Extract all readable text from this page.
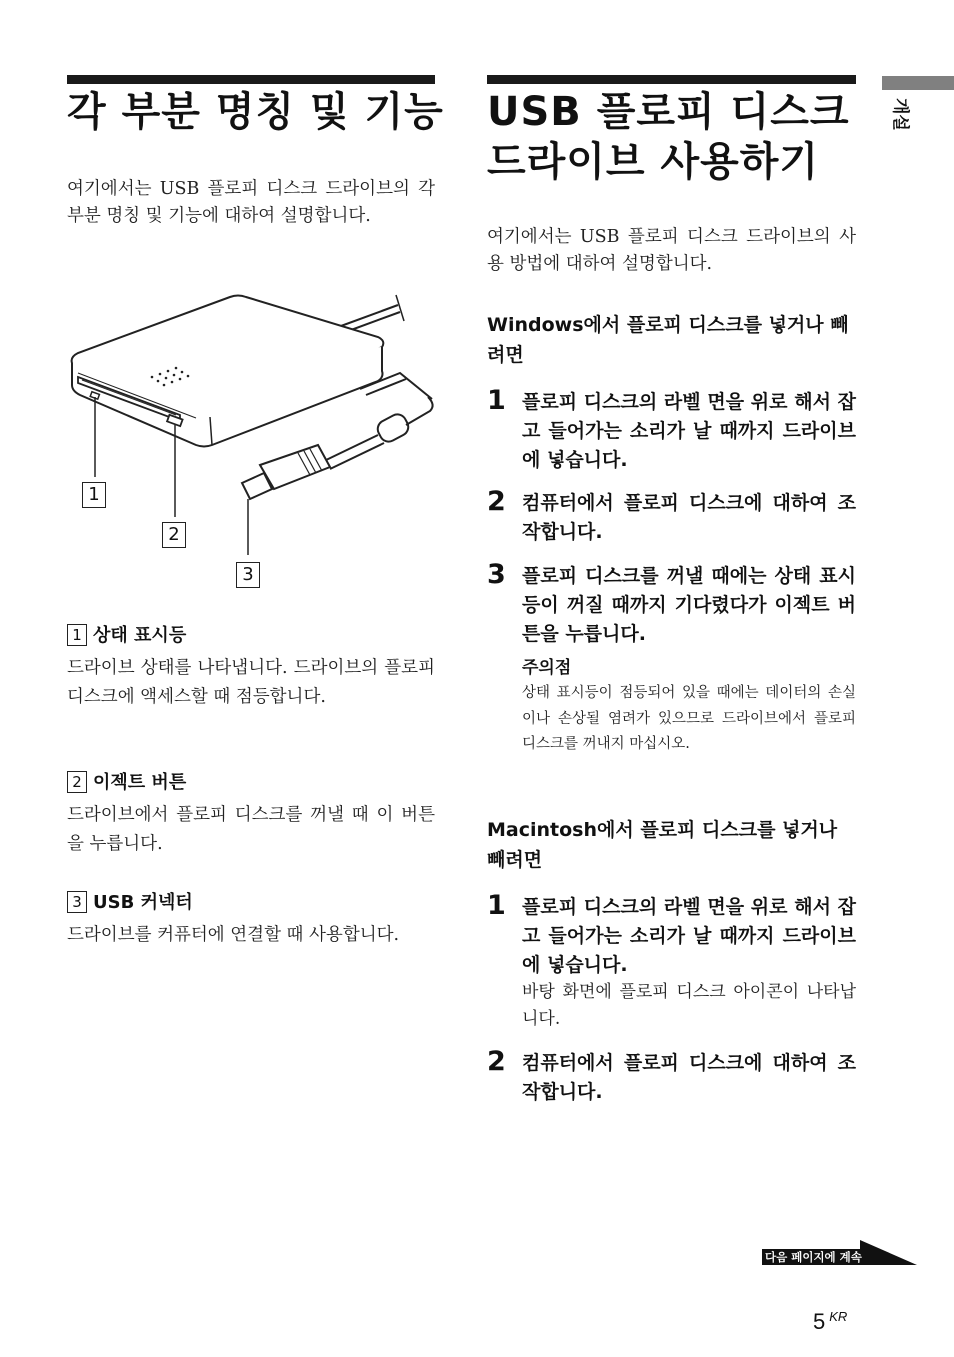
개설
각 부분 명칭 및 기능

여기에서는 USB 플로피 디스크 드라이브의 각 부분 명칭 및 기능에 대하여 설명합니다.

1
2
3
1 상태 표시등

드라이브 상태를 나타냅니다. 드라이브의 플로피 디스크에 액세스할 때 점등합니다.

2 이젝트 버튼

드라이브에서 플로피 디스크를 꺼낼 때 이 버튼을 누릅니다.

3 USB 커넥터

드라이브를 커퓨터에 연결할 때 사용합니다.

USB 플로피 디스크
드라이브 사용하기

여기에서는 USB 플로피 디스크 드라이브의 사용 방법에 대하여 설명합니다.

Windows에서 플로피 디스크를 넣거나 빼려면
1 플로피 디스크의 라벨 면을 위로 해서 잡고 들어가는 소리가 날 때까지 드라이브에 넣습니다.

2 컴퓨터에서 플로피 디스크에 대하여 조작합니다.

3 플로피 디스크를 꺼낼 때에는 상태 표시등이 꺼질 때까지 기다렸다가 이젝트 버튼을 누릅니다.

주의점

상태 표시등이 점등되어 있을 때에는 데이터의 손실이나 손상될 염려가 있으므로 드라이브에서 플로피 디스크를 꺼내지 마십시오.

Macintosh에서 플로피 디스크를 넣거나 빼려면
1 플로피 디스크의 라벨 면을 위로 해서 잡고 들어가는 소리가 날 때까지 드라이브에 넣습니다.

바탕 화면에 플로피 디스크 아이콘이 나타납니다.

2 컴퓨터에서 플로피 디스크에 대하여 조작합니다.

다음 페이지에 계속
5 $^{KR}$
